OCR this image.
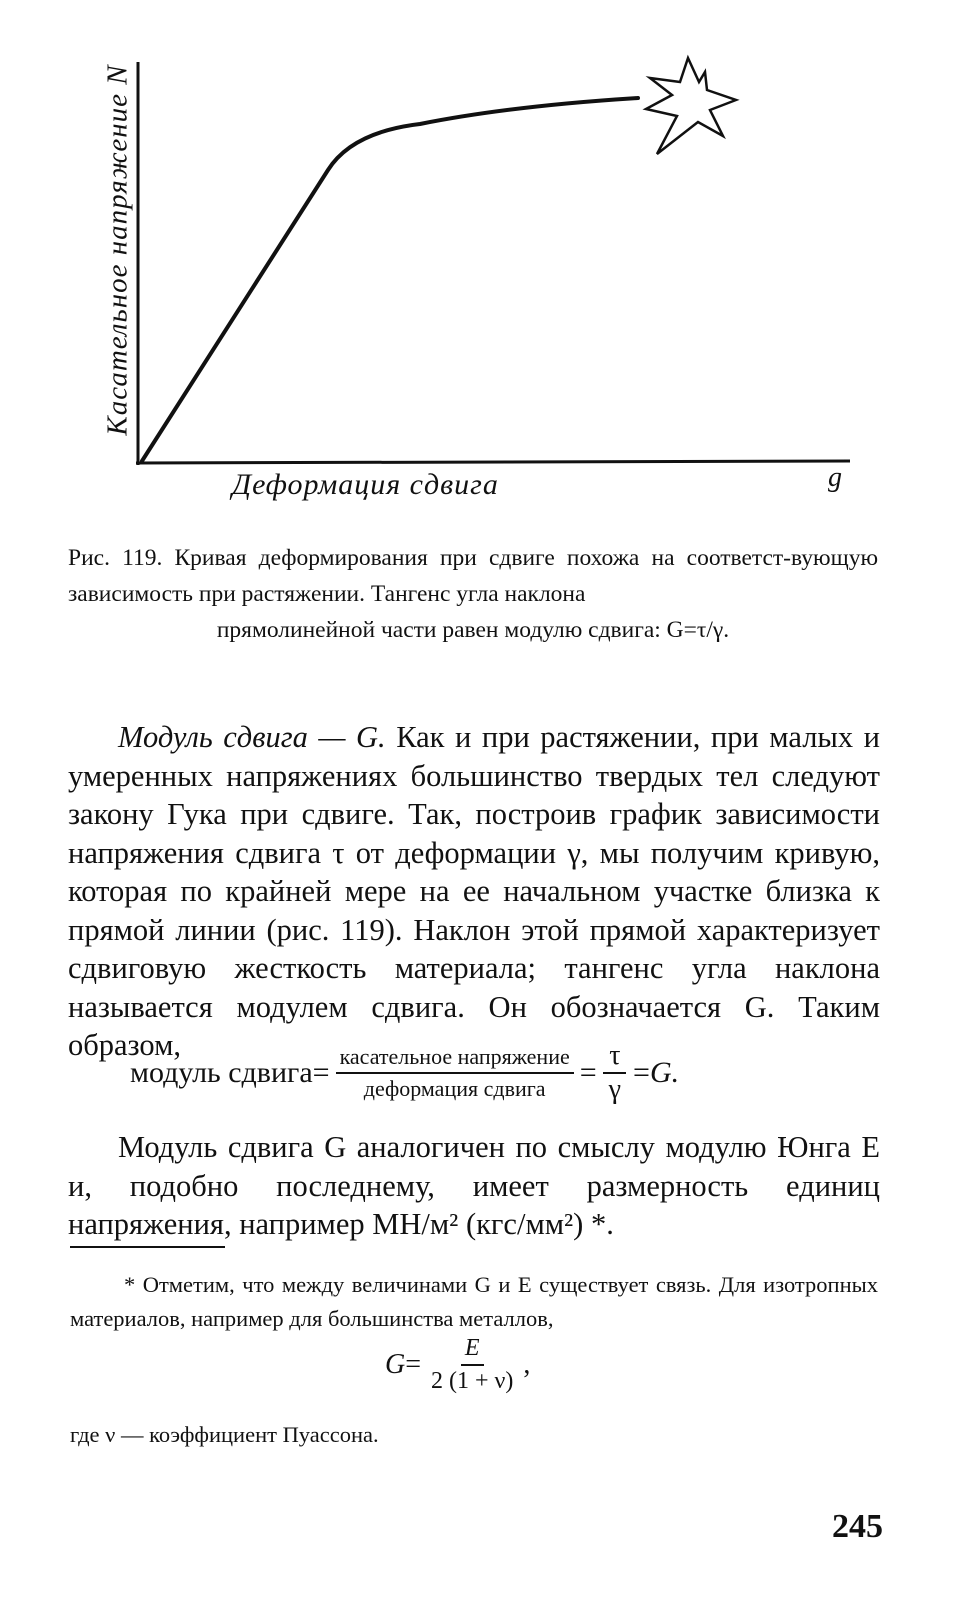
Касательное напряжение N
Деформация сдвига	g
Рис. 119. Кривая деформирования при сдвиге похожа на соответст-вующую зависимость при растяжении. Тангенс угла наклона
прямолинейной части равен модулю сдвига: G=τ/γ.
Модуль сдвига — G. Как и при растяжении, при малых и умеренных напряжениях большинство твердых тел следуют закону Гука при сдвиге. Так, построив график зависимости напряжения сдвига τ от деформации γ, мы получим кривую, которая по крайней мере на ее начальном участке близка к прямой линии (рис. 119). Наклон этой прямой характеризует сдвиговую жесткость материала; тангенс угла наклона называется модулем сдвига. Он обозначается G. Таким образом,
модуль сдвига = $\frac{\text{касательное напряжение}}{\text{деформация сдвига}} = \frac{\tau}{\gamma} = G$.
Модуль сдвига G аналогичен по смыслу модулю Юнга E и, подобно последнему, имеет размерность единиц напряжения, например МН/м² (кгс/мм²) *.
* Отметим, что между величинами G и E существует связь. Для изотропных материалов, например для большинства металлов,
$G = \frac{E}{2 (1 + \nu)}$ ,
где ν — коэффициент Пуассона.
245
